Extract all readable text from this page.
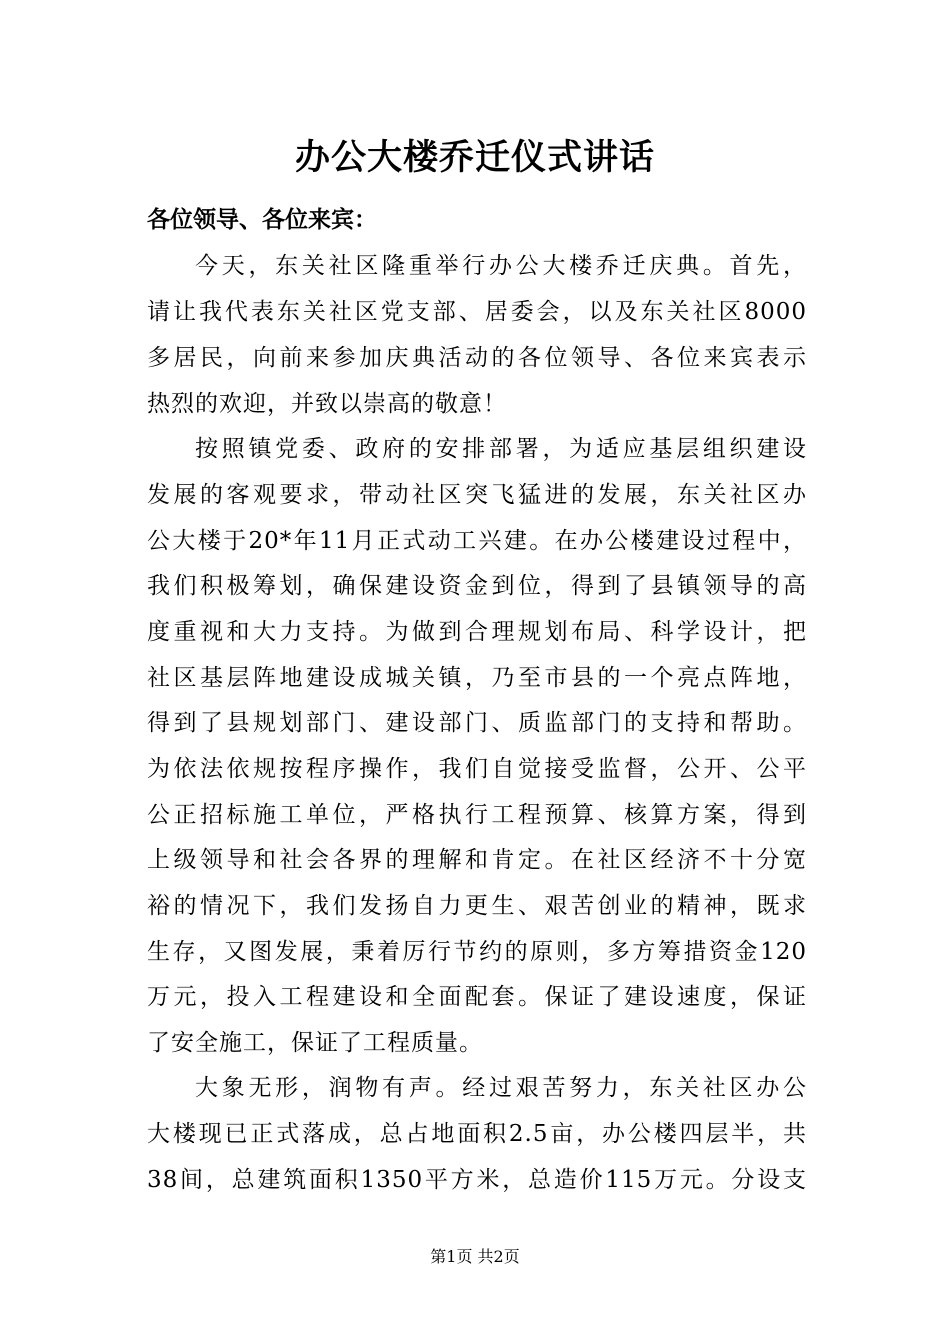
办公大楼乔迁仪式讲话
各位领导、各位来宾：
今天，东关社区隆重举行办公大楼乔迁庆典。首先，
请让我代表东关社区党支部、居委会，以及东关社区8000
多居民，向前来参加庆典活动的各位领导、各位来宾表示
热烈的欢迎，并致以崇高的敬意！
按照镇党委、政府的安排部署，为适应基层组织建设
发展的客观要求，带动社区突飞猛进的发展，东关社区办
公大楼于20*年11月正式动工兴建。在办公楼建设过程中，
我们积极筹划，确保建设资金到位，得到了县镇领导的高
度重视和大力支持。为做到合理规划布局、科学设计，把
社区基层阵地建设成城关镇，乃至市县的一个亮点阵地，
得到了县规划部门、建设部门、质监部门的支持和帮助。
为依法依规按程序操作，我们自觉接受监督，公开、公平
公正招标施工单位，严格执行工程预算、核算方案，得到
上级领导和社会各界的理解和肯定。在社区经济不十分宽
裕的情况下，我们发扬自力更生、艰苦创业的精神，既求
生存，又图发展，秉着厉行节约的原则，多方筹措资金120
万元，投入工程建设和全面配套。保证了建设速度，保证
了安全施工，保证了工程质量。
大象无形，润物有声。经过艰苦努力，东关社区办公
大楼现已正式落成，总占地面积2.5亩，办公楼四层半，共
38间，总建筑面积1350平方米，总造价115万元。分设支
第1页 共2页
